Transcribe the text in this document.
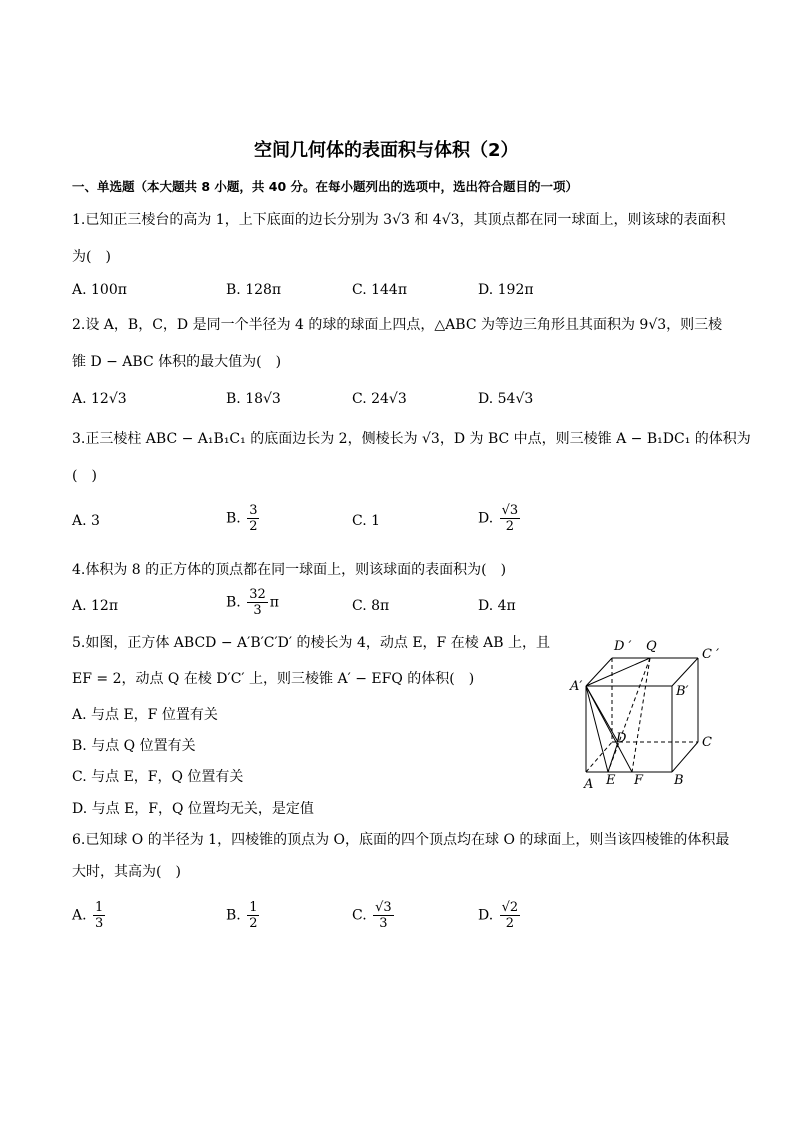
空间几何体的表面积与体积（2）
一、单选题（本大题共 8 小题，共 40 分。在每小题列出的选项中，选出符合题目的一项）
1.已知正三棱台的高为 1，上下底面的边长分别为 3√3 和 4√3，其顶点都在同一球面上，则该球的表面积
为(　)
A. 100π	B. 128π	C. 144π	D. 192π
2.设 A，B，C，D 是同一个半径为 4 的球的球面上四点，△ABC 为等边三角形且其面积为 9√3，则三棱
锥 D − ABC 体积的最大值为(　)
A. 12√3	B. 18√3	C. 24√3	D. 54√3
3.正三棱柱 ABC − A₁B₁C₁ 的底面边长为 2，侧棱长为 √3，D 为 BC 中点，则三棱锥 A − B₁DC₁ 的体积为
(　)
A. 3	B. $\frac{3}{2}$	C. 1	D. $\frac{√3}{2}$
4.体积为 8 的正方体的顶点都在同一球面上，则该球面的表面积为(　)
A. 12π	B. $\frac{32}{3}$ π	C. 8π	D. 4π
5.如图，正方体 ABCD − A′B′C′D′ 的棱长为 4，动点 E，F 在棱 AB 上，且
EF = 2，动点 Q 在棱 D′C′ 上，则三棱锥 A′ − EFQ 的体积(　)
A. 与点 E，F 位置有关
B. 与点 Q 位置有关
C. 与点 E，F，Q 位置有关
D. 与点 E，F，Q 位置均无关，是定值
D ′ Q
C ′
A′	B′
D	C
A E F B
6.已知球 O 的半径为 1，四棱锥的顶点为 O，底面的四个顶点均在球 O 的球面上，则当该四棱锥的体积最
大时，其高为(　)
A. $\frac{1}{3}$	B. $\frac{1}{2}$	C. $\frac{√3}{3}$	D. $\frac{√2}{2}$
